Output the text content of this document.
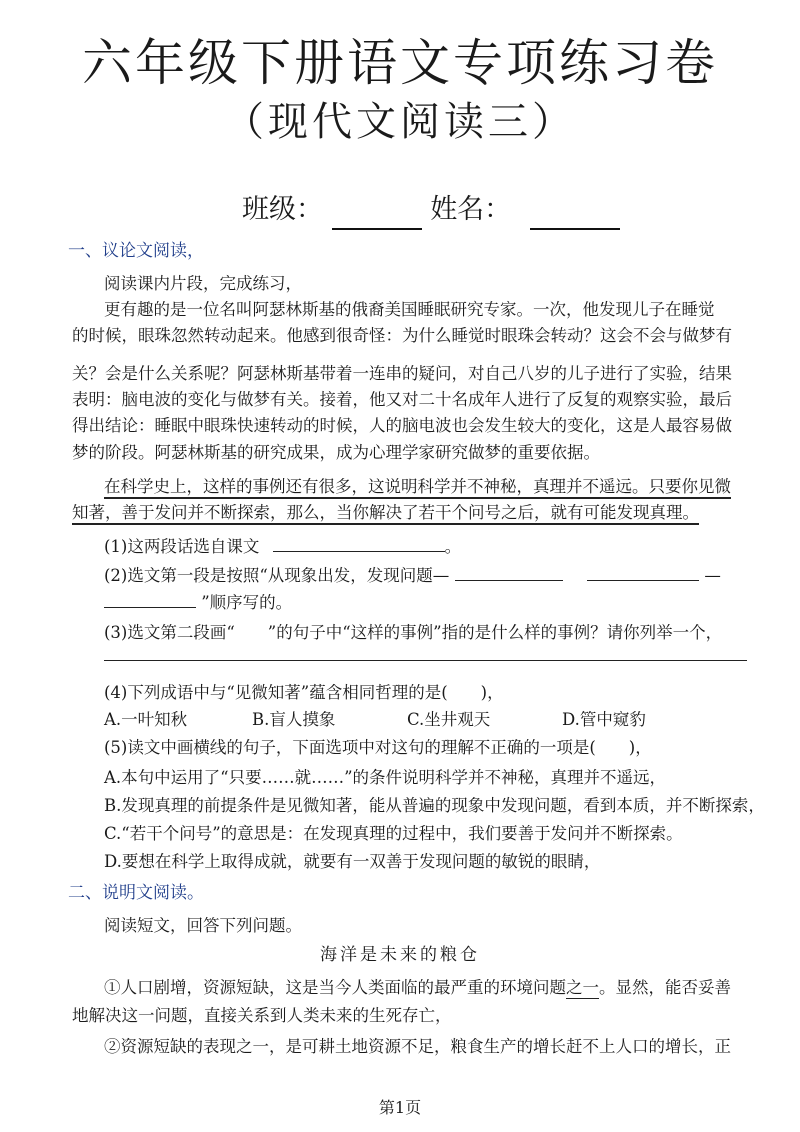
六年级下册语文专项练习卷
（现代文阅读三）
班级：	姓名：
一、议论文阅读，
阅读课内片段，完成练习，
更有趣的是一位名叫阿瑟林斯基的俄裔美国睡眠研究专家。一次，他发现儿子在睡觉
的时候，眼珠忽然转动起来。他感到很奇怪：为什么睡觉时眼珠会转动？这会不会与做梦有
关？会是什么关系呢？阿瑟林斯基带着一连串的疑问，对自己八岁的儿子进行了实验，结果
表明：脑电波的变化与做梦有关。接着，他又对二十名成年人进行了反复的观察实验，最后
得出结论：睡眠中眼珠快速转动的时候，人的脑电波也会发生较大的变化，这是人最容易做
梦的阶段。阿瑟林斯基的研究成果，成为心理学家研究做梦的重要依据。
在科学史上，这样的事例还有很多，这说明科学并不神秘，真理并不遥远。只要你见微
知著，善于发问并不断探索，那么，当你解决了若干个问号之后，就有可能发现真理。
(1)这两段话选自课文	。
(2)选文第一段是按照“从现象出发，发现问题—	—
”顺序写的。
(3)选文第二段画“　　”的句子中“这样的事例”指的是什么样的事例？请你列举一个，
(4)下列成语中与“见微知著”蕴含相同哲理的是(　　)，
A.一叶知秋	B.盲人摸象	C.坐井观天	D.管中窥豹
(5)读文中画横线的句子，下面选项中对这句的理解不正确的一项是(　　)，
A.本句中运用了“只要……就……”的条件说明科学并不神秘，真理并不遥远，
B.发现真理的前提条件是见微知著，能从普遍的现象中发现问题，看到本质，并不断探索，
C.“若干个问号”的意思是：在发现真理的过程中，我们要善于发问并不断探索。
D.要想在科学上取得成就，就要有一双善于发现问题的敏锐的眼睛，
二、说明文阅读。
阅读短文，回答下列问题。
海洋是未来的粮仓
①人口剧增，资源短缺，这是当今人类面临的最严重的环境问题之一。显然，能否妥善
地解决这一问题，直接关系到人类未来的生死存亡，
②资源短缺的表现之一，是可耕土地资源不足，粮食生产的增长赶不上人口的增长，正
第1页
